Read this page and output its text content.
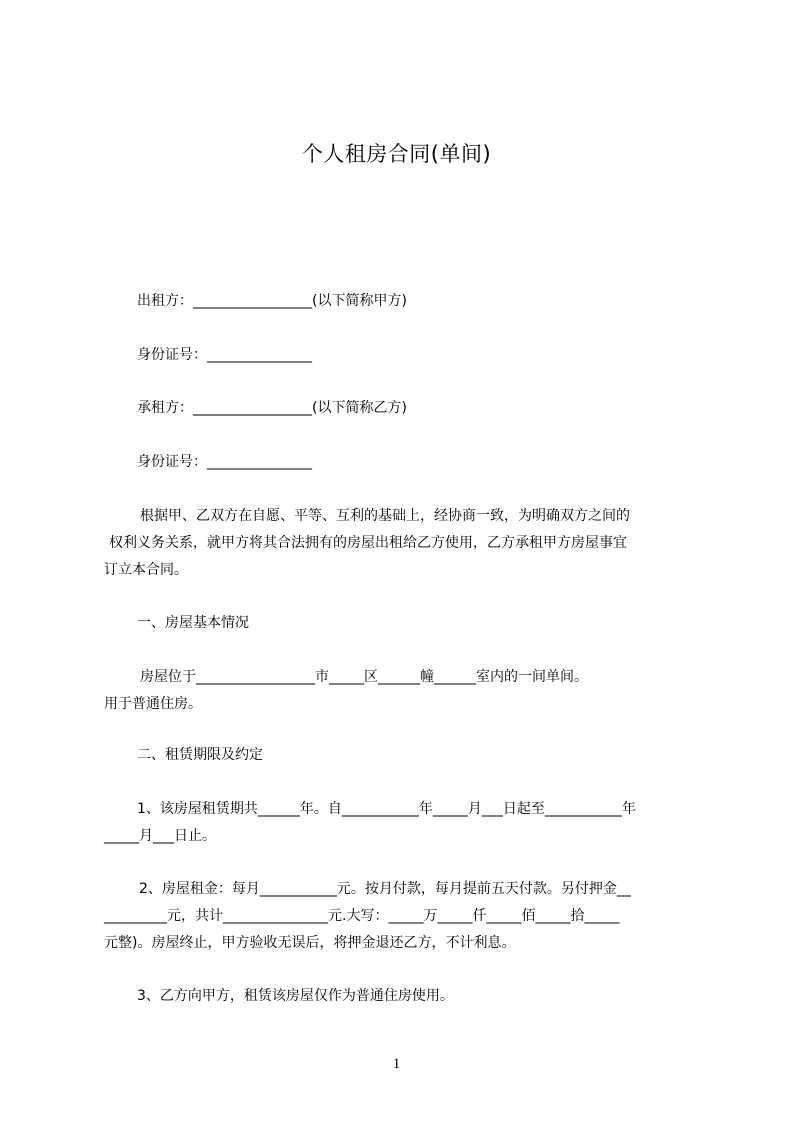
个人租房合同(单间)
出租方：_________________(以下简称甲方)
身份证号：_______________
承租方：_________________(以下简称乙方)
身份证号：_______________
根据甲、乙双方在自愿、平等、互利的基础上，经协商一致，为明确双方之间的
权利义务关系，就甲方将其合法拥有的房屋出租给乙方使用，乙方承租甲方房屋事宜
订立本合同。
一、房屋基本情况
房屋位于_________________市_____区______幢______室内的一间单间。
用于普通住房。
二、租赁期限及约定
1、该房屋租赁期共______年。自___________年_____月___日起至___________年
_____月___日止。
2、房屋租金：每月___________元。按月付款，每月提前五天付款。另付押金__
_________元，共计_______________元.大写：_____万_____仟_____佰_____拾_____
元整)。房屋终止，甲方验收无误后，将押金退还乙方，不计利息。
3、乙方向甲方，租赁该房屋仅作为普通住房使用。
1
